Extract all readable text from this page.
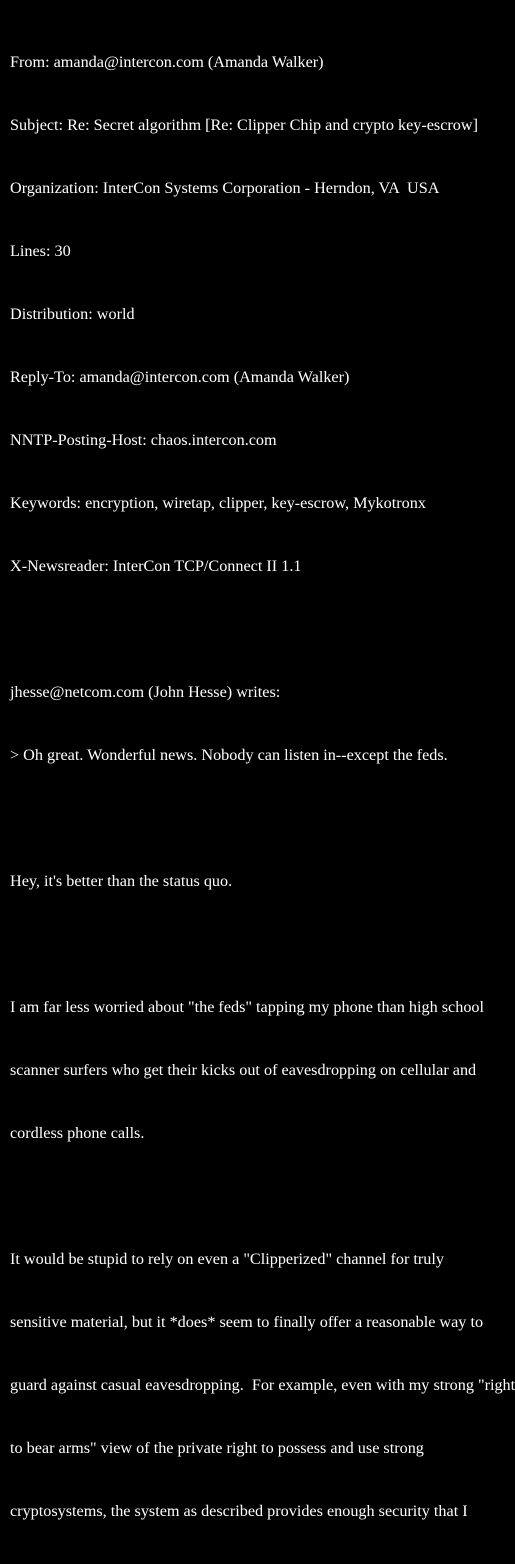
From: amanda@intercon.com (Amanda Walker)

Subject: Re: Secret algorithm [Re: Clipper Chip and crypto key-escrow]

Organization: InterCon Systems Corporation - Herndon, VA  USA

Lines: 30

Distribution: world

Reply-To: amanda@intercon.com (Amanda Walker)

NNTP-Posting-Host: chaos.intercon.com

Keywords: encryption, wiretap, clipper, key-escrow, Mykotronx

X-Newsreader: InterCon TCP/Connect II 1.1

jhesse@netcom.com (John Hesse) writes:

> Oh great. Wonderful news. Nobody can listen in--except the feds.

Hey, it's better than the status quo.

I am far less worried about "the feds" tapping my phone than high school

scanner surfers who get their kicks out of eavesdropping on cellular and

cordless phone calls.

It would be stupid to rely on even a "Clipperized" channel for truly

sensitive material, but it *does* seem to finally offer a reasonable way to

guard against casual eavesdropping.  For example, even with my strong "right

to bear arms" view of the private right to possess and use strong

cryptosystems, the system as described provides enough security that I
